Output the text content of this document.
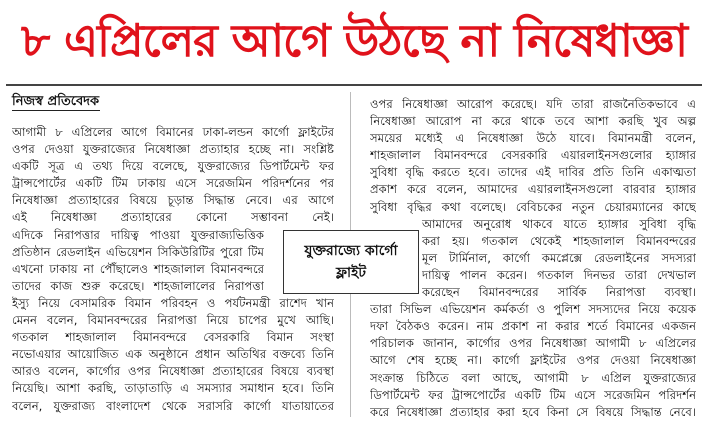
৮ এপ্রিলের আগে উঠছে না নিষেধাজ্ঞা
নিজস্ব প্রতিবেদক
আগামী ৮ এপ্রিলের আগে বিমানের ঢাকা-লন্ডন কার্গো ফ্লাইটের
ওপর দেওয়া যুক্তরাজ্যের নিষেধাজ্ঞা প্রত্যাহার হচ্ছে না। সংশ্লিষ্ট
একটি সূত্র এ তথ্য দিয়ে বলেছে, যুক্তরাজ্যের ডিপার্টমেন্ট ফর
ট্রান্সপোর্টের একটি টিম ঢাকায় এসে সরেজমিন পরিদর্শনের পর
নিষেধাজ্ঞা প্রত্যাহারের বিষয়ে চূড়ান্ত সিদ্ধান্ত নেবে। এর আগে
এই নিষেধাজ্ঞা প্রত্যাহারের কোনো সম্ভাবনা নেই।
এদিকে নিরাপত্তার দায়িত্ব পাওয়া যুক্তরাজ্যভিত্তিক
প্রতিষ্ঠান রেডলাইন এভিয়েশন সিকিউরিটির পুরো টিম
এখনো ঢাকায় না পৌঁছালেও শাহজালাল বিমানবন্দরে
তাদের কাজ শুরু করেছে। শাহজালালের নিরাপত্তা
ইস্যু নিয়ে বেসামরিক বিমান পরিবহন ও পর্যটনমন্ত্রী রাশেদ খান
মেনন বলেন, বিমানবন্দরের নিরাপত্তা নিয়ে চাপের মুখে আছি।
গতকাল শাহজালাল বিমানবন্দরে বেসরকারি বিমান সংস্থা
নভোএয়ার আয়োজিত এক অনুষ্ঠানে প্রধান অতিথির বক্তব্যে তিনি
আরও বলেন, কার্গোর ওপর নিষেধাজ্ঞা প্রত্যাহারের বিষয়ে ব্যবস্থা
নিয়েছি। আশা করছি, তাড়াতাড়ি এ সমস্যার সমাধান হবে। তিনি
বলেন, যুক্তরাজ্য বাংলাদেশ থেকে সরাসরি কার্গো যাতায়াতের
ওপর নিষেধাজ্ঞা আরোপ করেছে। যদি তারা রাজনৈতিকভাবে এ
নিষেধাজ্ঞা আরোপ না করে থাকে তবে আশা করছি খুব অল্প
সময়ের মধ্যেই এ নিষেধাজ্ঞা উঠে যাবে। বিমানমন্ত্রী বলেন,
শাহজালাল বিমানবন্দরে বেসরকারি এয়ারলাইনসগুলোর হ্যাঙ্গার
সুবিধা বৃদ্ধি করতে হবে। তাদের এই দাবির প্রতি তিনি একাত্মতা
প্রকাশ করে বলেন, আমাদের এয়ারলাইনসগুলো বারবার হ্যাঙ্গার
সুবিধা বৃদ্ধির কথা বলেছে। বেবিচকের নতুন চেয়ারম্যানের কাছে
আমাদের অনুরোধ থাকবে যাতে হ্যাঙ্গার সুবিধা বৃদ্ধি
করা হয়। গতকাল থেকেই শাহজালাল বিমানবন্দরের
মূল টার্মিনাল, কার্গো কমপ্লেক্সে রেডলাইনের সদস্যরা
দায়িত্ব পালন করেন। গতকাল দিনভর তারা দেখভাল
করেছেন বিমানবন্দরের সার্বিক নিরাপত্তা ব্যবস্থা।
তারা সিভিল এভিয়েশন কর্মকর্তা ও পুলিশ সদস্যদের নিয়ে কয়েক
দফা বৈঠকও করেন। নাম প্রকাশ না করার শর্তে বিমানের একজন
পরিচালক জানান, কার্গোর ওপর নিষেধাজ্ঞা আগামী ৮ এপ্রিলের
আগে শেষ হচ্ছে না। কার্গো ফ্লাইটের ওপর দেওয়া নিষেধাজ্ঞা
সংক্রান্ত চিঠিতে বলা আছে, আগামী ৮ এপ্রিল যুক্তরাজ্যের
ডিপার্টমেন্ট ফর ট্রান্সপোর্টের একটি টিম এসে সরেজমিন পরিদর্শন
করে নিষেধাজ্ঞা প্রত্যাহার করা হবে কিনা সে বিষয়ে সিদ্ধান্ত নেবে।
যুক্তরাজ্যে কার্গো
ফ্লাইট
